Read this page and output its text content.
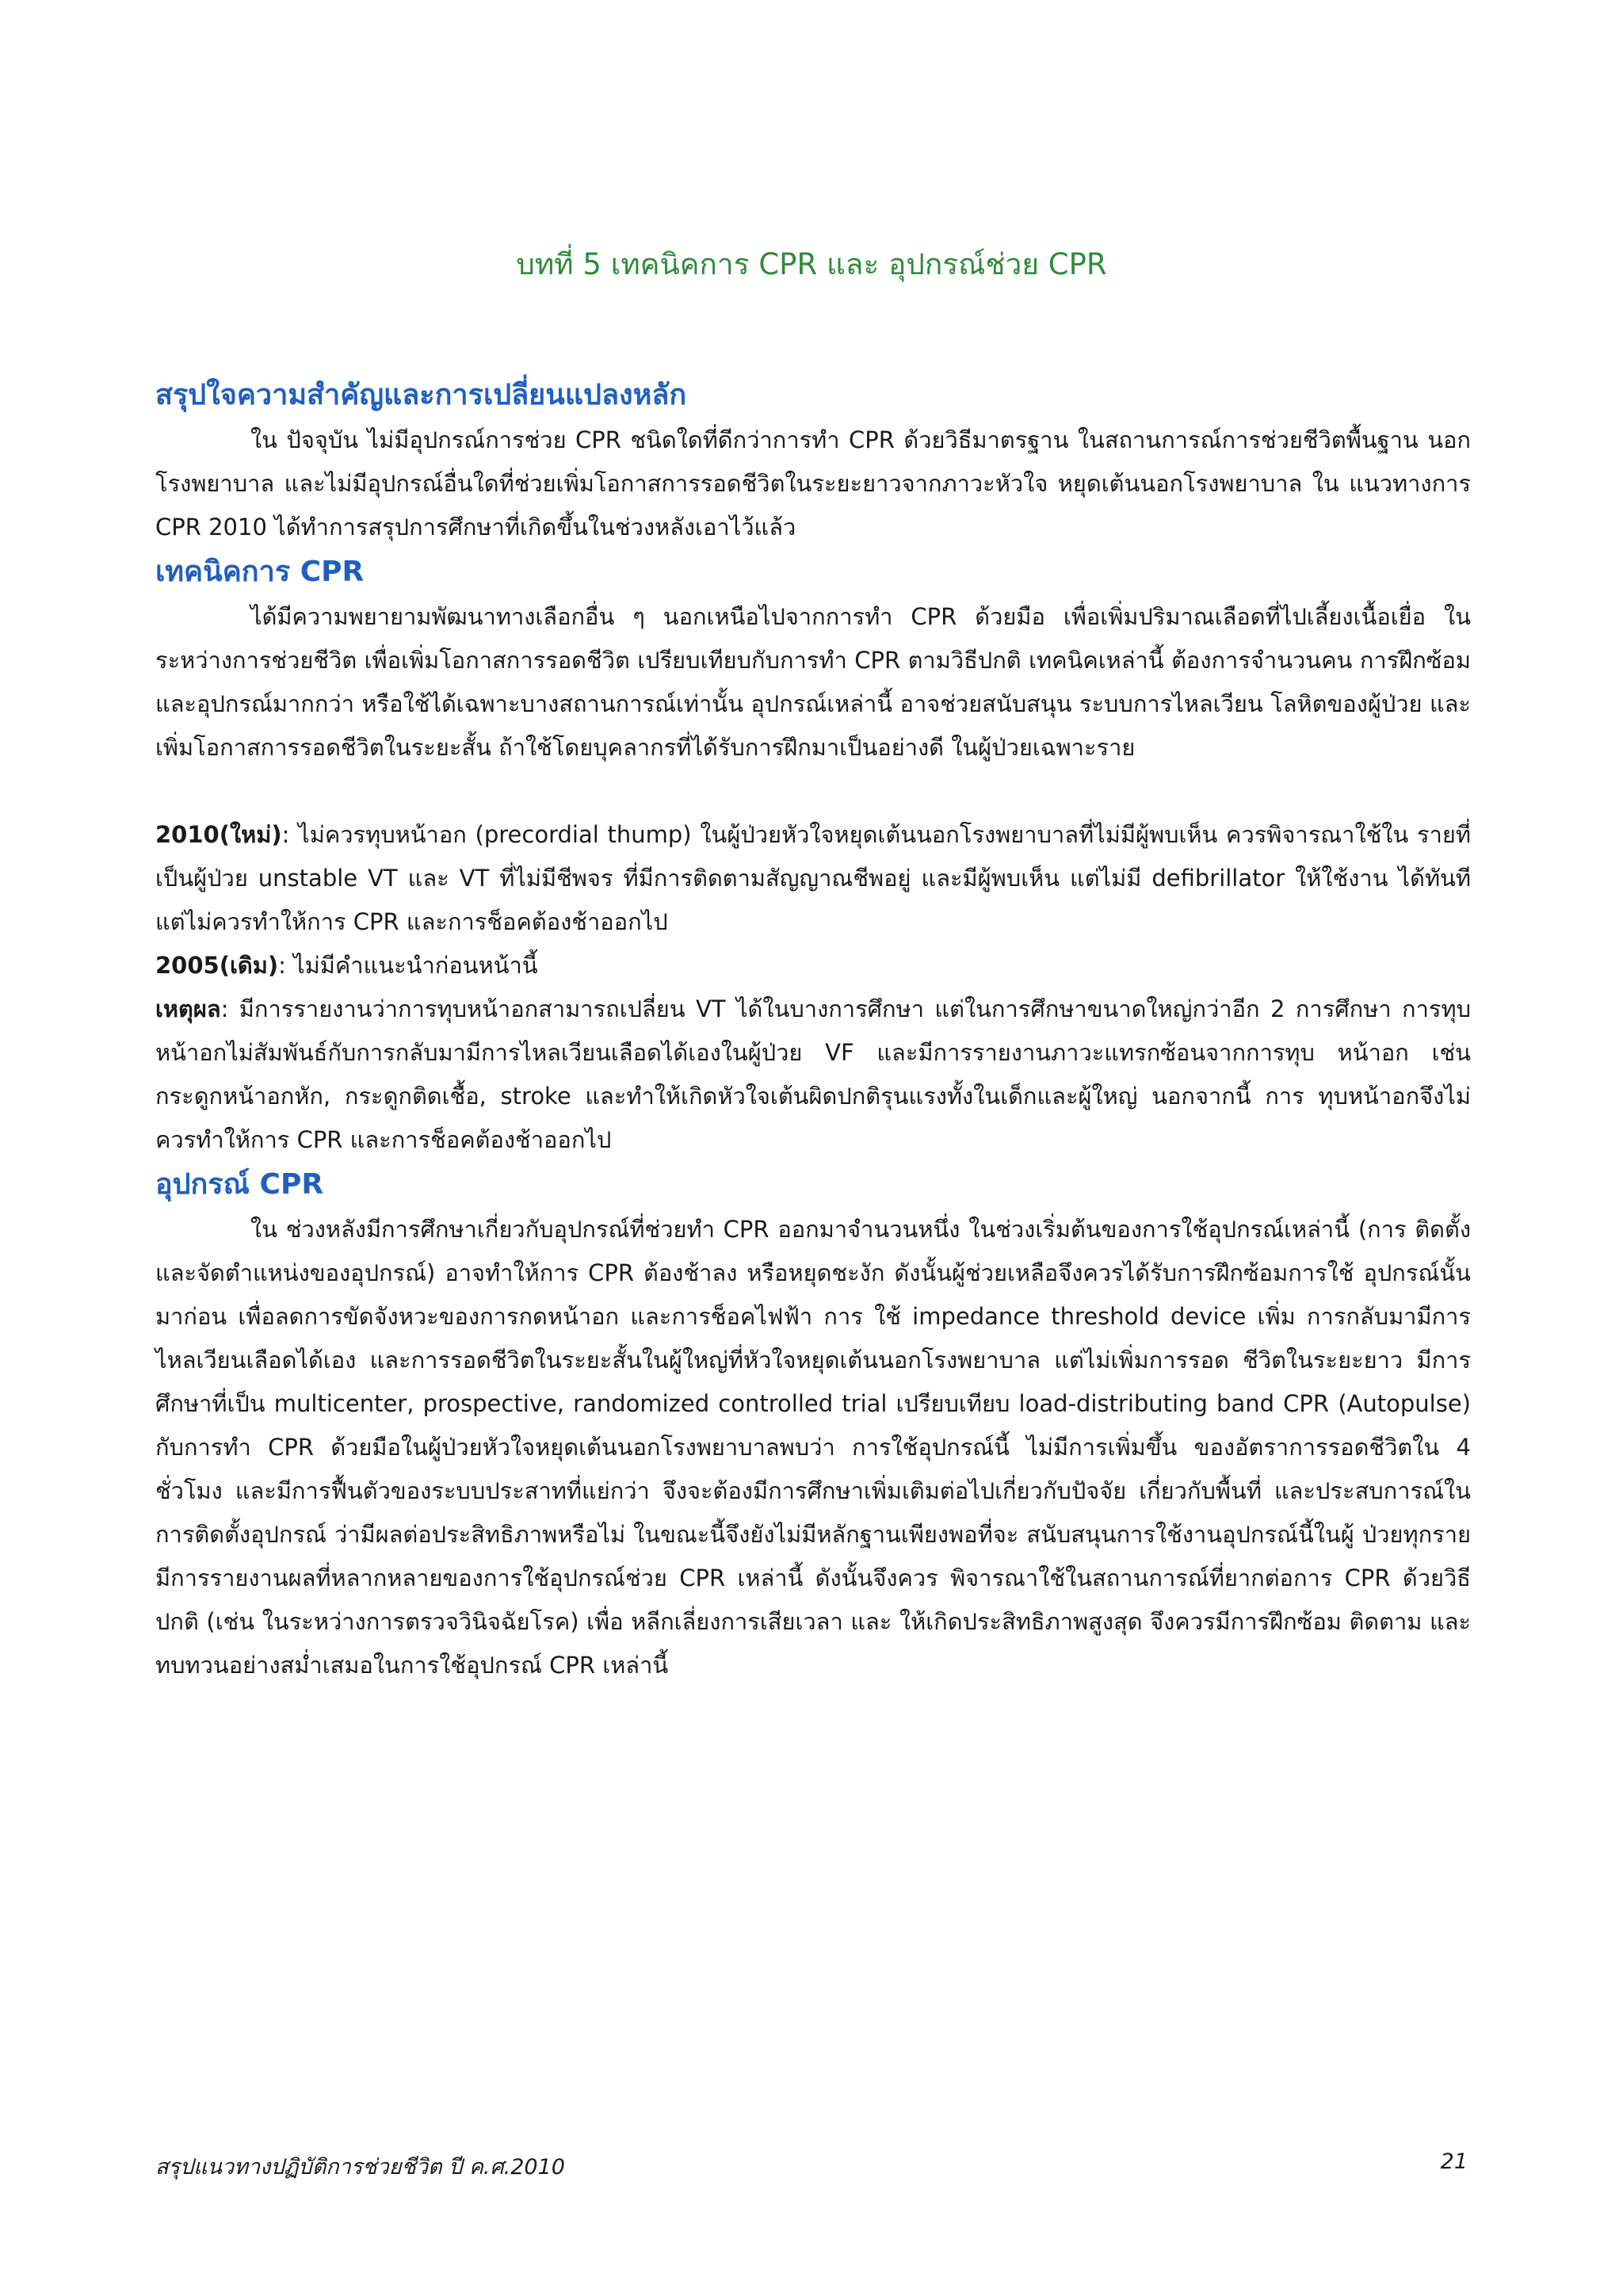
บทที่ 5 เทคนิคการ CPR และ อุปกรณ์ช่วย CPR
สรุปใจความสำคัญและการเปลี่ยนแปลงหลัก

ใน ปัจจุบัน ไม่มีอุปกรณ์การช่วย CPR ชนิดใดที่ดีกว่าการทำ CPR ด้วยวิธีมาตรฐาน ในสถานการณ์การช่วยชีวิตพื้นฐาน นอกโรงพยาบาล และไม่มีอุปกรณ์อื่นใดที่ช่วยเพิ่มโอกาสการรอดชีวิตในระยะยาวจากภาวะหัวใจ หยุดเต้นนอกโรงพยาบาล ใน แนวทางการ CPR 2010 ได้ทำการสรุปการศึกษาที่เกิดขึ้นในช่วงหลังเอาไว้แล้ว

เทคนิคการ CPR

ได้มีความพยายามพัฒนาทางเลือกอื่น ๆ นอกเหนือไปจากการทำ CPR ด้วยมือ เพื่อเพิ่มปริมาณเลือดที่ไปเลี้ยงเนื้อเยื่อ ในระหว่างการช่วยชีวิต เพื่อเพิ่มโอกาสการรอดชีวิต เปรียบเทียบกับการทำ CPR ตามวิธีปกติ เทคนิคเหล่านี้ ต้องการจำนวนคน การฝึกซ้อม และอุปกรณ์มากกว่า หรือใช้ได้เฉพาะบางสถานการณ์เท่านั้น อุปกรณ์เหล่านี้ อาจช่วยสนับสนุน ระบบการไหลเวียน โลหิตของผู้ป่วย และเพิ่มโอกาสการรอดชีวิตในระยะสั้น ถ้าใช้โดยบุคลากรที่ได้รับการฝึกมาเป็นอย่างดี ในผู้ป่วยเฉพาะราย

2010(ใหม่): ไม่ควรทุบหน้าอก (precordial thump) ในผู้ป่วยหัวใจหยุดเต้นนอกโรงพยาบาลที่ไม่มีผู้พบเห็น ควรพิจารณาใช้ใน รายที่เป็นผู้ป่วย unstable VT และ VT ที่ไม่มีชีพจร ที่มีการติดตามสัญญาณชีพอยู่ และมีผู้พบเห็น แต่ไม่มี defibrillator ให้ใช้งาน ได้ทันที แต่ไม่ควรทำให้การ CPR และการช็อคต้องช้าออกไป

2005(เดิม): ไม่มีคำแนะนำก่อนหน้านี้

เหตุผล: มีการรายงานว่าการทุบหน้าอกสามารถเปลี่ยน VT ได้ในบางการศึกษา แต่ในการศึกษาขนาดใหญ่กว่าอีก 2 การศึกษา การทุบหน้าอกไม่สัมพันธ์กับการกลับมามีการไหลเวียนเลือดได้เองในผู้ป่วย VF และมีการรายงานภาวะแทรกซ้อนจากการทุบ หน้าอก เช่น กระดูกหน้าอกหัก, กระดูกติดเชื้อ, stroke และทำให้เกิดหัวใจเต้นผิดปกติรุนแรงทั้งในเด็กและผู้ใหญ่ นอกจากนี้ การ ทุบหน้าอกจึงไม่ควรทำให้การ CPR และการช็อคต้องช้าออกไป

อุปกรณ์ CPR

ใน ช่วงหลังมีการศึกษาเกี่ยวกับอุปกรณ์ที่ช่วยทำ CPR ออกมาจำนวนหนึ่ง ในช่วงเริ่มต้นของการใช้อุปกรณ์เหล่านี้ (การ ติดตั้ง และจัดตำแหน่งของอุปกรณ์) อาจทำให้การ CPR ต้องช้าลง หรือหยุดชะงัก ดังนั้นผู้ช่วยเหลือจึงควรได้รับการฝึกซ้อมการใช้ อุปกรณ์นั้นมาก่อน เพื่อลดการขัดจังหวะของการกดหน้าอก และการช็อคไฟฟ้า การ ใช้ impedance threshold device เพิ่ม การกลับมามีการไหลเวียนเลือดได้เอง และการรอดชีวิตในระยะสั้นในผู้ใหญ่ที่หัวใจหยุดเต้นนอกโรงพยาบาล แต่ไม่เพิ่มการรอด ชีวิตในระยะยาว มีการศึกษาที่เป็น multicenter, prospective, randomized controlled trial เปรียบเทียบ load-distributing band CPR (Autopulse) กับการทำ CPR ด้วยมือในผู้ป่วยหัวใจหยุดเต้นนอกโรงพยาบาลพบว่า การใช้อุปกรณ์นี้ ไม่มีการเพิ่มขึ้น ของอัตราการรอดชีวิตใน 4 ชั่วโมง และมีการฟื้นตัวของระบบประสาทที่แย่กว่า จึงจะต้องมีการศึกษาเพิ่มเติมต่อไปเกี่ยวกับปัจจัย เกี่ยวกับพื้นที่ และประสบการณ์ในการติดตั้งอุปกรณ์ ว่ามีผลต่อประสิทธิภาพหรือไม่ ในขณะนี้จึงยังไม่มีหลักฐานเพียงพอที่จะ สนับสนุนการใช้งานอุปกรณ์นี้ในผู้ ป่วยทุกราย มีการรายงานผลที่หลากหลายของการใช้อุปกรณ์ช่วย CPR เหล่านี้ ดังนั้นจึงควร พิจารณาใช้ในสถานการณ์ที่ยากต่อการ CPR ด้วยวิธีปกติ (เช่น ในระหว่างการตรวจวินิจฉัยโรค) เพื่อ หลีกเลี่ยงการเสียเวลา และ ให้เกิดประสิทธิภาพสูงสุด จึงควรมีการฝึกซ้อม ติดตาม และทบทวนอย่างสม่ำเสมอในการใช้อุปกรณ์ CPR เหล่านี้

สรุปแนวทางปฏิบัติการช่วยชีวิต ปี ค.ศ.2010	21
